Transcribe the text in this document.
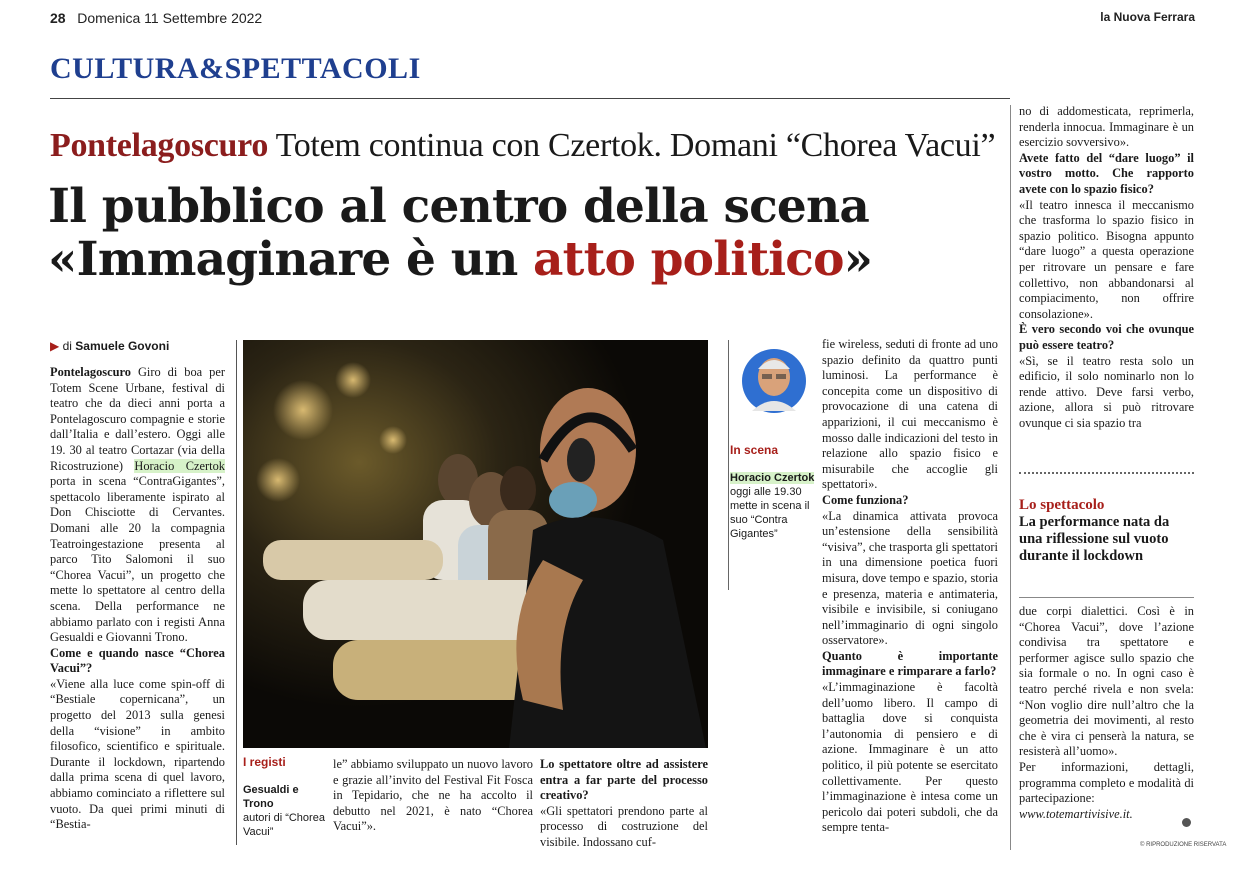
28 Domenica 11 Settembre 2022	la Nuova Ferrara
CULTURA&SPETTACOLI
Pontelagoscuro Totem continua con Czertok. Domani “Chorea Vacui”
Il pubblico al centro della scena
«Immaginare è un atto politico»
▶ di Samuele Govoni

Pontelagoscuro Giro di boa per Totem Scene Urbane, festival di teatro che da dieci anni porta a Pontelagoscuro compagnie e storie dall’Italia e dall’estero. Oggi alle 19. 30 al teatro Cortazar (via della Ricostruzione) Horacio Czertok porta in scena “ContraGigantes”, spettacolo liberamente ispirato al Don Chisciotte di Cervantes. Domani alle 20 la compagnia Teatroingestazione presenta al parco Tito Salomoni il suo “Chorea Vacui”, un progetto che mette lo spettatore al centro della scena. Della performance ne abbiamo parlato con i registi Anna Gesualdi e Giovanni Trono.

Come e quando nasce “Chorea Vacui”?

«Viene alla luce come spin-off di “Bestiale copernicana”, un progetto del 2013 sulla genesi della “visione” in ambito filosofico, scientifico e spirituale. Durante il lockdown, ripartendo dalla prima scena di quel lavoro, abbiamo cominciato a riflettere sul vuoto. Da quei primi minuti di “Bestia-

I registi
Gesualdi e Trono
autori di “Chorea Vacui”

le” abbiamo sviluppato un nuovo lavoro e grazie all’invito del Festival Fit Fosca in Tepidario, che ne ha accolto il debutto nel 2021, è nato “Chorea Vacui”».

Lo spettatore oltre ad assistere entra a far parte del processo creativo?

«Gli spettatori prendono parte al processo di costruzione del visibile. Indossano cuf-

In scena
Horacio Czertok
oggi alle 19.30 mette in scena il suo “Contra Gigantes”

fie wireless, seduti di fronte ad uno spazio definito da quattro punti luminosi. La performance è concepita come un dispositivo di provocazione di una catena di apparizioni, il cui meccanismo è mosso dalle indicazioni del testo in relazione allo spazio fisico e misurabile che accoglie gli spettatori».

Come funziona?

«La dinamica attivata provoca un’estensione della sensibilità “visiva”, che trasporta gli spettatori in una dimensione poetica fuori misura, dove tempo e spazio, storia e presenza, materia e antimateria, visibile e invisibile, si coniugano nell’immaginario di ogni singolo osservatore».

Quanto è importante immaginare e rimparare a farlo?

«L’immaginazione è facoltà dell’uomo libero. Il campo di battaglia dove si conquista l’autonomia di pensiero e di azione. Immaginare è un atto politico, il più potente se esercitato collettivamente. Per questo l’immaginazione è intesa come un pericolo dai poteri subdoli, che da sempre tenta-

no di addomesticata, reprimerla, renderla innocua. Immaginare è un esercizio sovversivo».

Avete fatto del “dare luogo” il vostro motto. Che rapporto avete con lo spazio fisico?

«Il teatro innesca il meccanismo che trasforma lo spazio fisico in spazio politico. Bisogna appunto “dare luogo” a questa operazione per ritrovare un pensare e fare collettivo, non abbandonarsi al compiacimento, non offrire consolazione».

È vero secondo voi che ovunque può essere teatro?

«Sì, se il teatro resta solo un edificio, il solo nominarlo non lo rende attivo. Deve farsi verbo, azione, allora si può ritrovare ovunque ci sia spazio tra

Lo spettacolo
La performance nata da una riflessione sul vuoto durante il lockdown

due corpi dialettici. Così è in “Chorea Vacui”, dove l’azione condivisa tra spettatore e performer agisce sullo spazio che sia formale o no. In ogni caso è teatro perché rivela e non svela: “Non voglio dire null’altro che la geometria dei movimenti, al resto che è vira ci penserà la natura, se resisterà all’uomo».

Per informazioni, dettagli, programma completo e modalità di partecipazione: www.totemartivisive.it.

© RIPRODUZIONE RISERVATA
